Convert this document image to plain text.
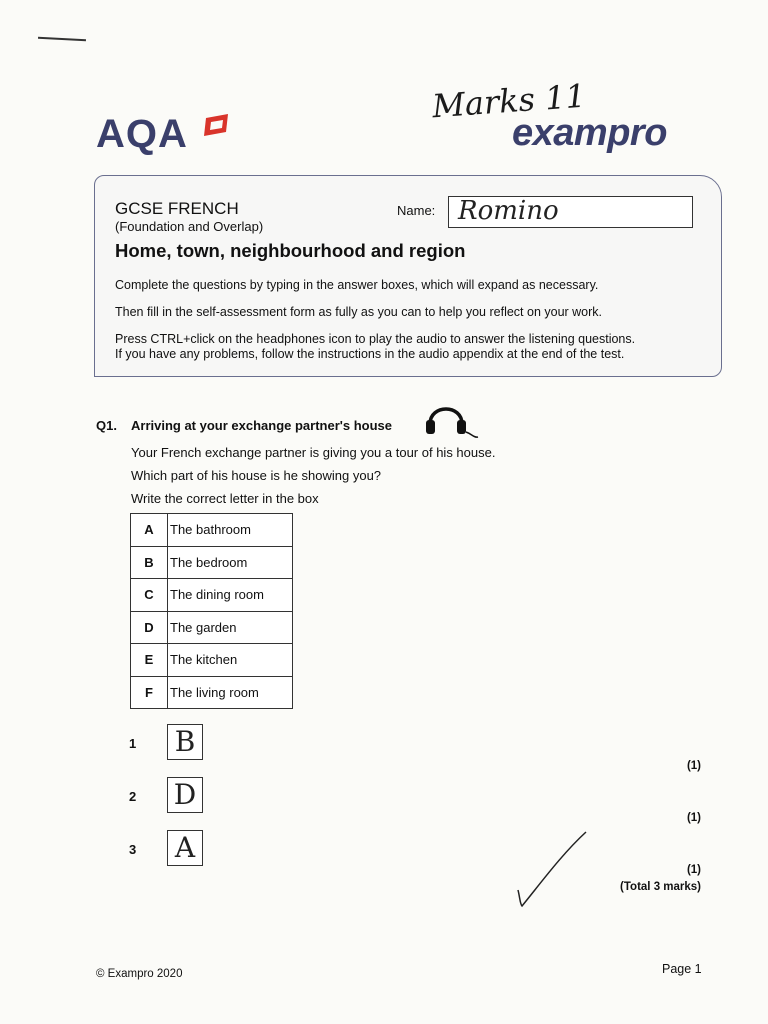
AQA
Marks 11
exampro
GCSE FRENCH
(Foundation and Overlap)
Name: Romino
Home, town, neighbourhood and region
Complete the questions by typing in the answer boxes, which will expand as necessary.
Then fill in the self-assessment form as fully as you can to help you reflect on your work.
Press CTRL+click on the headphones icon to play the audio to answer the listening questions.
If you have any problems, follow the instructions in the audio appendix at the end of the test.
Q1. Arriving at your exchange partner's house
Your French exchange partner is giving you a tour of his house.
Which part of his house is he showing you?
Write the correct letter in the box
A	The bathroom
B	The bedroom
C	The dining room
D	The garden
E	The kitchen
F	The living room
1 B
(1)
2 D
(1)
3 A
(1)
(Total 3 marks)
© Exampro 2020	Page 1
